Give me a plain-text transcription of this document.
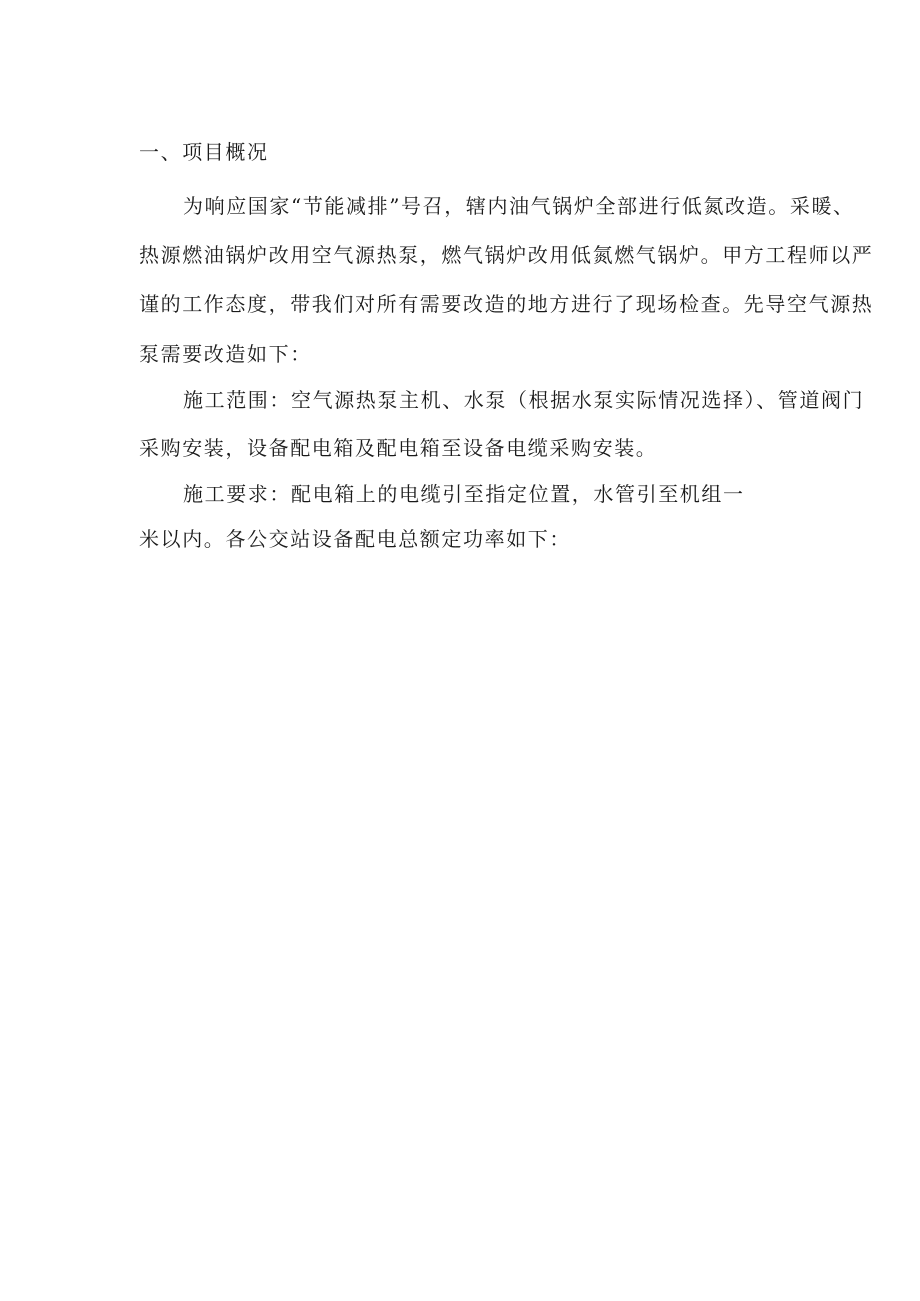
一、项目概况
为响应国家“节能减排”号召，辖内油气锅炉全部进行低氮改造。采暖、
热源燃油锅炉改用空气源热泵，燃气锅炉改用低氮燃气锅炉。甲方工程师以严
谨的工作态度，带我们对所有需要改造的地方进行了现场检查。先导空气源热
泵需要改造如下：
施工范围：空气源热泵主机、水泵（根据水泵实际情况选择）、管道阀门
采购安装，设备配电箱及配电箱至设备电缆采购安装。
施工要求：配电箱上的电缆引至指定位置，水管引至机组一
米以内。各公交站设备配电总额定功率如下：
